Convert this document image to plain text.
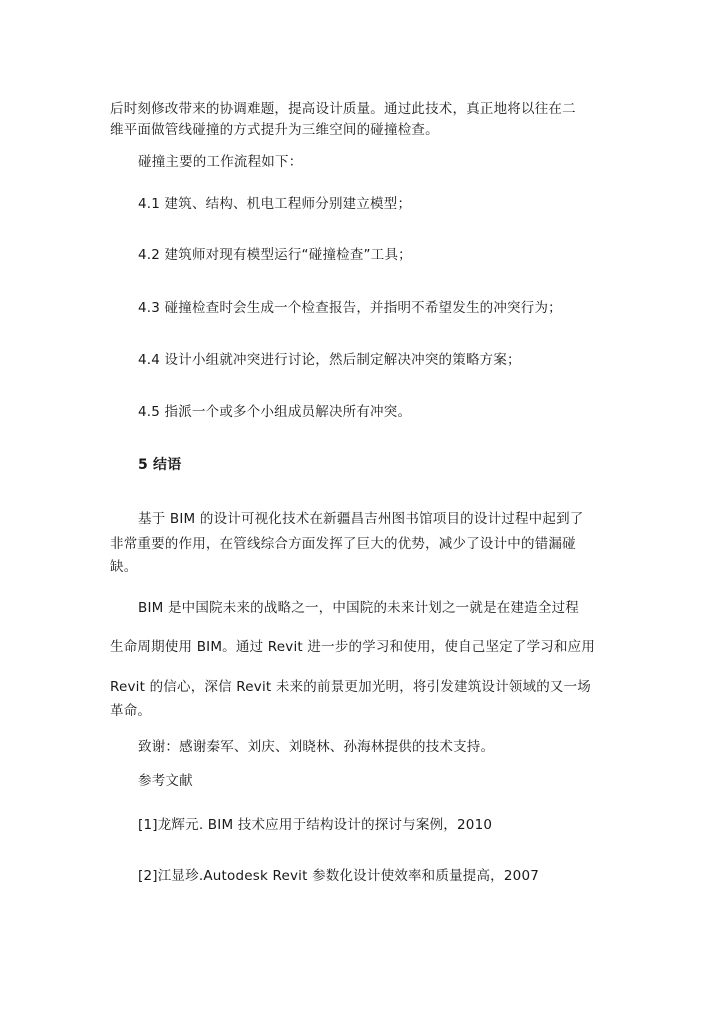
后时刻修改带来的协调难题，提高设计质量。通过此技术，真正地将以往在二
维平面做管线碰撞的方式提升为三维空间的碰撞检查。
碰撞主要的工作流程如下：
4.1 建筑、结构、机电工程师分别建立模型；
4.2 建筑师对现有模型运行“碰撞检查”工具；
4.3 碰撞检查时会生成一个检查报告，并指明不希望发生的冲突行为；
4.4 设计小组就冲突进行讨论，然后制定解决冲突的策略方案；
4.5 指派一个或多个小组成员解决所有冲突。
5 结语
基于 BIM 的设计可视化技术在新疆昌吉州图书馆项目的设计过程中起到了
非常重要的作用，在管线综合方面发挥了巨大的优势，减少了设计中的错漏碰
缺。
BIM 是中国院未来的战略之一，中国院的未来计划之一就是在建造全过程
生命周期使用 BIM。通过 Revit 进一步的学习和使用，使自己坚定了学习和应用
Revit 的信心，深信 Revit 未来的前景更加光明，将引发建筑设计领域的又一场
革命。
致谢：感谢秦军、刘庆、刘晓林、孙海林提供的技术支持。
参考文献
[1]龙辉元. BIM 技术应用于结构设计的探讨与案例，2010
[2]江显珍.Autodesk Revit 参数化设计使效率和质量提高，2007
